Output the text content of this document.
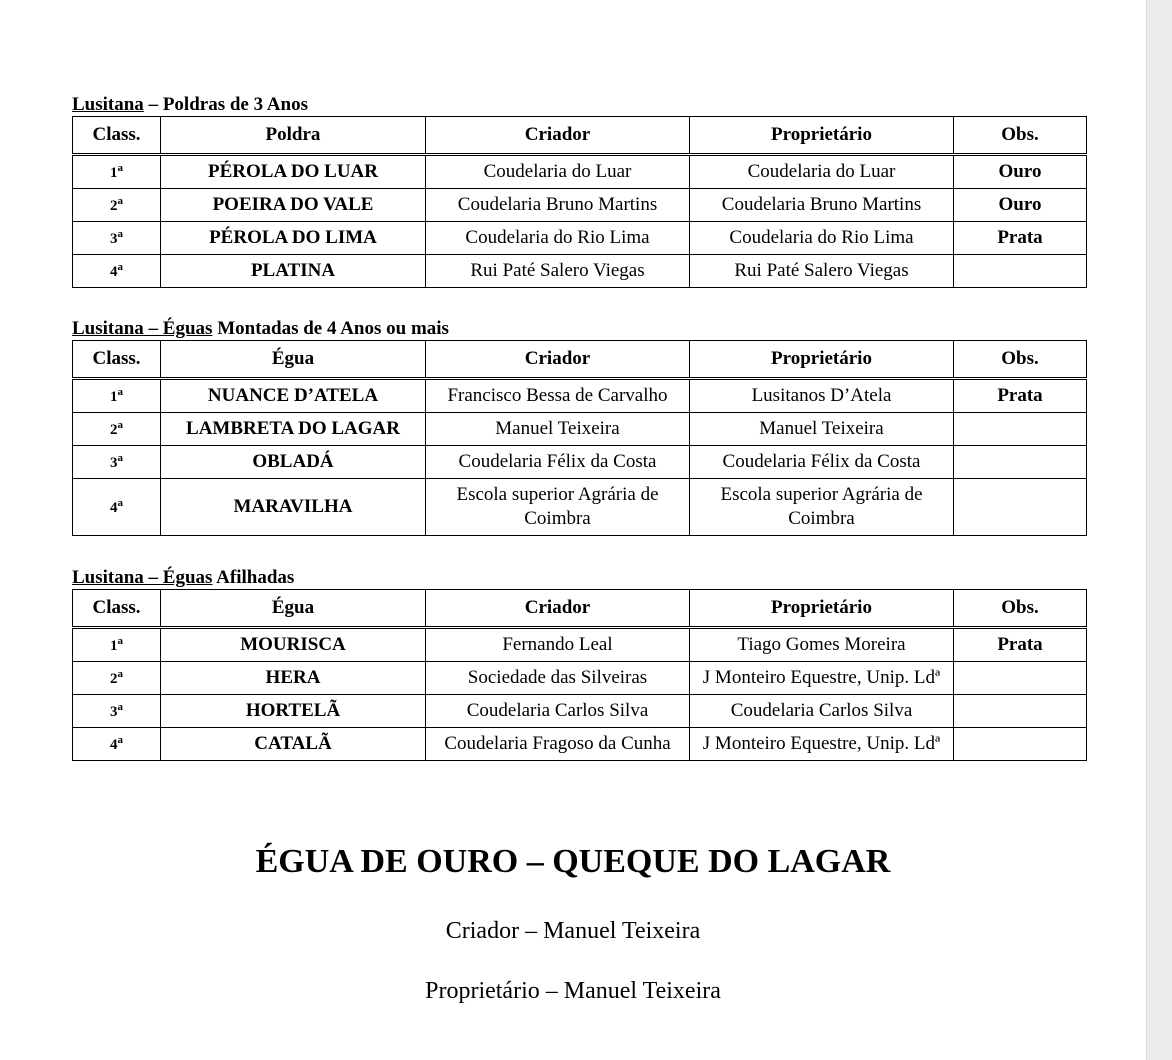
Lusitana – Poldras de 3 Anos
Class.	Poldra	Criador	Proprietário	Obs.
1$^a$	PÉROLA DO LUAR	Coudelaria do Luar	Coudelaria do Luar	Ouro
2$^a$	POEIRA DO VALE	Coudelaria Bruno Martins	Coudelaria Bruno Martins	Ouro
3$^a$	PÉROLA DO LIMA	Coudelaria do Rio Lima	Coudelaria do Rio Lima	Prata
4$^a$	PLATINA	Rui Paté Salero Viegas	Rui Paté Salero Viegas	
Lusitana – Éguas Montadas de 4 Anos ou mais
Class.	Égua	Criador	Proprietário	Obs.
1$^a$	NUANCE D’ATELA	Francisco Bessa de Carvalho	Lusitanos D’Atela	Prata
2$^a$	LAMBRETA DO LAGAR	Manuel Teixeira	Manuel Teixeira	
3$^a$	OBLADÁ	Coudelaria Félix da Costa	Coudelaria Félix da Costa	
4$^a$	MARAVILHA	Escola superior Agrária de Coimbra	Escola superior Agrária de Coimbra	
Lusitana – Éguas Afilhadas
Class.	Égua	Criador	Proprietário	Obs.
1$^a$	MOURISCA	Fernando Leal	Tiago Gomes Moreira	Prata
2$^a$	HERA	Sociedade das Silveiras	J Monteiro Equestre, Unip. Ldª	
3$^a$	HORTELÃ	Coudelaria Carlos Silva	Coudelaria Carlos Silva	
4$^a$	CATALÃ	Coudelaria Fragoso da Cunha	J Monteiro Equestre, Unip. Ldª	
ÉGUA DE OURO – QUEQUE DO LAGAR
Criador – Manuel Teixeira
Proprietário – Manuel Teixeira
